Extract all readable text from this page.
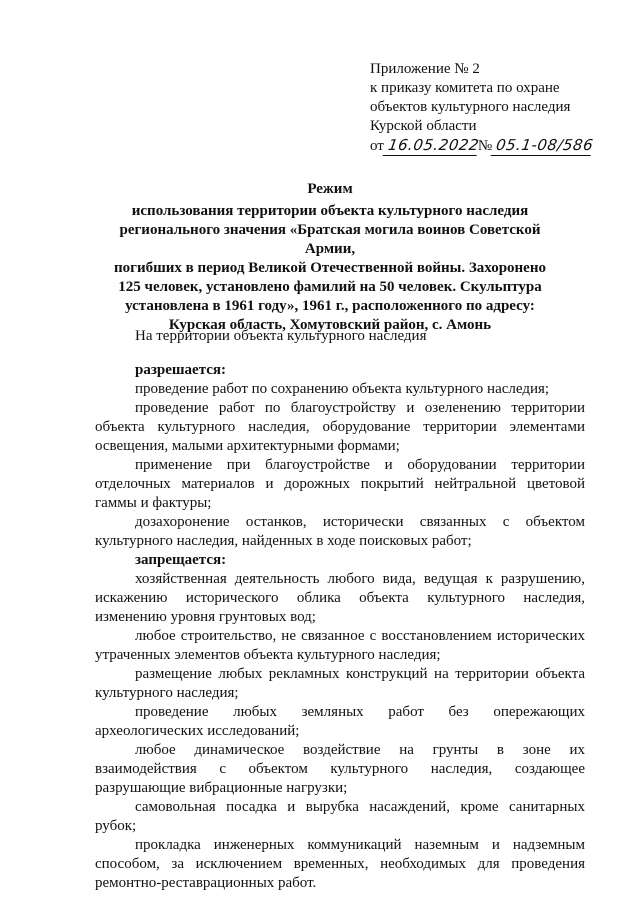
Приложение № 2
к приказу комитета по охране
объектов культурного наследия
Курской области
от 16.05.2022№ 05.1-08/586
Режим
использования территории объекта культурного наследия
регионального значения «Братская могила воинов Советской Армии,
погибших в период Великой Отечественной войны. Захоронено
125 человек, установлено фамилий на 50 человек. Скульптура
установлена в 1961 году», 1961 г., расположенного по адресу:
Курская область, Хомутовский район, с. Амонь
На территории объекта культурного наследия
разрешается:

проведение работ по сохранению объекта культурного наследия;

проведение работ по благоустройству и озеленению территории объекта культурного наследия, оборудование территории элементами освещения, малыми архитектурными формами;

применение при благоустройстве и оборудовании территории отделочных материалов и дорожных покрытий нейтральной цветовой гаммы и фактуры;

дозахоронение останков, исторически связанных с объектом культурного наследия, найденных в ходе поисковых работ;

запрещается:

хозяйственная деятельность любого вида, ведущая к разрушению, искажению исторического облика объекта культурного наследия, изменению уровня грунтовых вод;

любое строительство, не связанное с восстановлением исторических утраченных элементов объекта культурного наследия;

размещение любых рекламных конструкций на территории объекта культурного наследия;

проведение любых земляных работ без опережающих археологических исследований;

любое динамическое воздействие на грунты в зоне их взаимодействия с объектом культурного наследия, создающее разрушающие вибрационные нагрузки;

самовольная посадка и вырубка насаждений, кроме санитарных рубок;

прокладка инженерных коммуникаций наземным и надземным способом, за исключением временных, необходимых для проведения ремонтно-реставрационных работ.
